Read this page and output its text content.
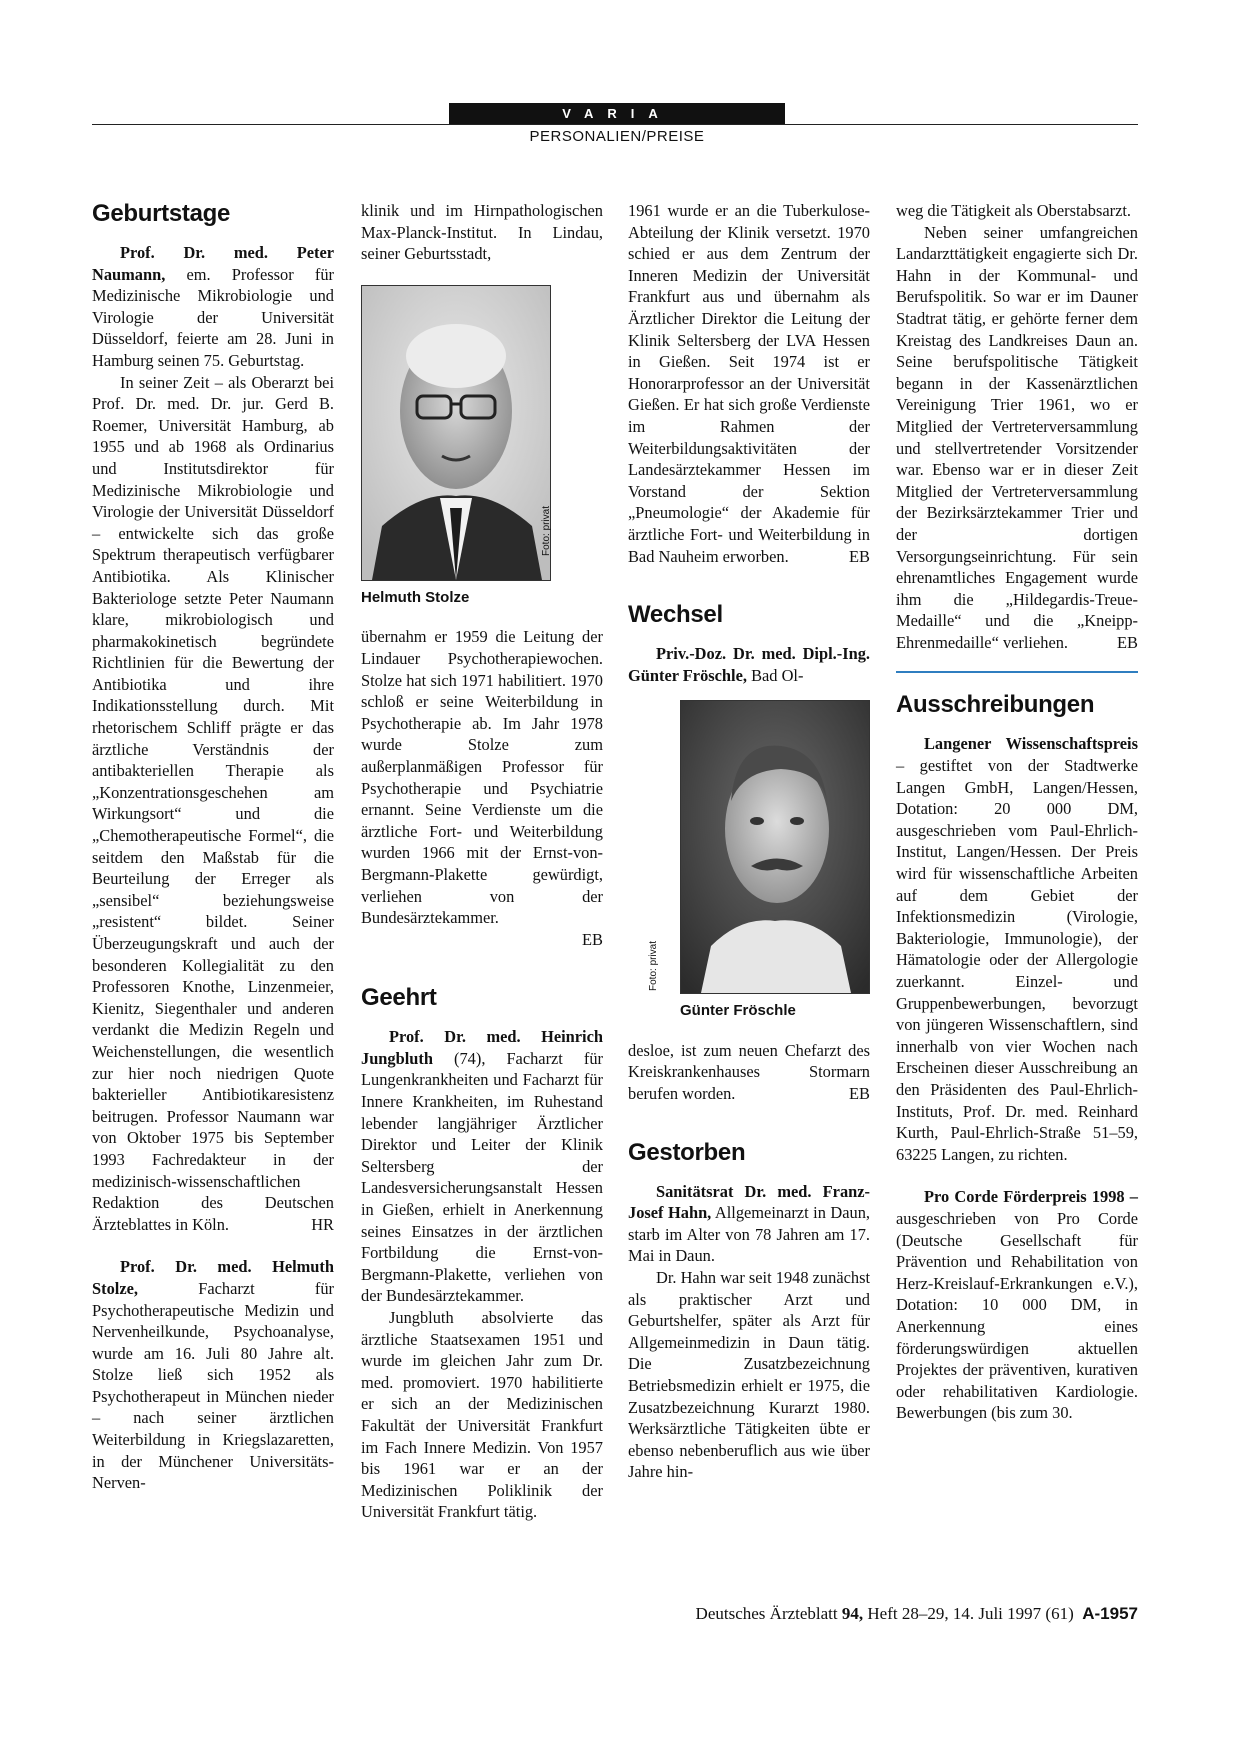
VARIA
PERSONALIEN/PREISE
Geburtstage

Prof. Dr. med. Peter Naumann, em. Professor für Medizinische Mikrobiologie und Virologie der Universität Düsseldorf, feierte am 28. Juni in Hamburg seinen 75. Geburtstag.

In seiner Zeit – als Oberarzt bei Prof. Dr. med. Dr. jur. Gerd B. Roemer, Universität Hamburg, ab 1955 und ab 1968 als Ordinarius und Institutsdirektor für Medizinische Mikrobiologie und Virologie der Universität Düsseldorf – entwickelte sich das große Spektrum therapeutisch verfügbarer Antibiotika. Als Klinischer Bakteriologe setzte Peter Naumann klare, mikrobiologisch und pharmakokinetisch begründete Richtlinien für die Bewertung der Antibiotika und ihre Indikationsstellung durch. Mit rhetorischem Schliff prägte er das ärztliche Verständnis der antibakteriellen Therapie als „Konzentrationsgeschehen am Wirkungsort“ und die „Chemotherapeutische Formel“, die seitdem den Maßstab für die Beurteilung der Erreger als „sensibel“ beziehungsweise „resistent“ bildet. Seiner Überzeugungskraft und auch der besonderen Kollegialität zu den Professoren Knothe, Linzenmeier, Kienitz, Siegenthaler und anderen verdankt die Medizin Regeln und Weichenstellungen, die wesentlich zur hier noch niedrigen Quote bakterieller Antibiotikaresistenz beitrugen. Professor Naumann war von Oktober 1975 bis September 1993 Fachredakteur in der medizinisch-wissenschaftlichen Redaktion des Deutschen Ärzteblattes in Köln.	HR

Prof. Dr. med. Helmuth Stolze, Facharzt für Psychotherapeutische Medizin und Nervenheilkunde, Psychoanalyse, wurde am 16. Juli 80 Jahre alt. Stolze ließ sich 1952 als Psychotherapeut in München nieder – nach seiner ärztlichen Weiterbildung in Kriegslazaretten, in der Münchener Universitäts-Nerven-

klinik und im Hirnpathologischen Max-Planck-Institut. In Lindau, seiner Geburtsstadt,

Foto: privat
Helmuth Stolze

übernahm er 1959 die Leitung der Lindauer Psychotherapiewochen. Stolze hat sich 1971 habilitiert. 1970 schloß er seine Weiterbildung in Psychotherapie ab. Im Jahr 1978 wurde Stolze zum außerplanmäßigen Professor für Psychotherapie und Psychiatrie ernannt. Seine Verdienste um die ärztliche Fort- und Weiterbildung wurden 1966 mit der Ernst-von-Bergmann-Plakette gewürdigt, verliehen von der Bundesärztekammer.

EB

Geehrt

Prof. Dr. med. Heinrich Jungbluth (74), Facharzt für Lungenkrankheiten und Facharzt für Innere Krankheiten, im Ruhestand lebender langjähriger Ärztlicher Direktor und Leiter der Klinik Seltersberg der Landesversicherungsanstalt Hessen in Gießen, erhielt in Anerkennung seines Einsatzes in der ärztlichen Fortbildung die Ernst-von-Bergmann-Plakette, verliehen von der Bundesärztekammer.

Jungbluth absolvierte das ärztliche Staatsexamen 1951 und wurde im gleichen Jahr zum Dr. med. promoviert. 1970 habilitierte er sich an der Medizinischen Fakultät der Universität Frankfurt im Fach Innere Medizin. Von 1957 bis 1961 war er an der Medizinischen Poliklinik der Universität Frankfurt tätig.

1961 wurde er an die Tuberkulose-Abteilung der Klinik versetzt. 1970 schied er aus dem Zentrum der Inneren Medizin der Universität Frankfurt aus und übernahm als Ärztlicher Direktor die Leitung der Klinik Seltersberg der LVA Hessen in Gießen. Seit 1974 ist er Honorarprofessor an der Universität Gießen. Er hat sich große Verdienste im Rahmen der Weiterbildungsaktivitäten der Landesärztekammer Hessen im Vorstand der Sektion „Pneumologie“ der Akademie für ärztliche Fort- und Weiterbildung in Bad Nauheim erworben.	EB

Wechsel

Priv.-Doz. Dr. med. Dipl.-Ing. Günter Fröschle, Bad Ol-

Foto: privat
Günter Fröschle

desloe, ist zum neuen Chefarzt des Kreiskrankenhauses Stormarn berufen worden.	EB

Gestorben

Sanitätsrat Dr. med. Franz-Josef Hahn, Allgemeinarzt in Daun, starb im Alter von 78 Jahren am 17. Mai in Daun.

Dr. Hahn war seit 1948 zunächst als praktischer Arzt und Geburtshelfer, später als Arzt für Allgemeinmedizin in Daun tätig. Die Zusatzbezeichnung Betriebsmedizin erhielt er 1975, die Zusatzbezeichnung Kurarzt 1980. Werksärztliche Tätigkeiten übte er ebenso nebenberuflich aus wie über Jahre hin-

weg die Tätigkeit als Oberstabsarzt.

Neben seiner umfangreichen Landarzttätigkeit engagierte sich Dr. Hahn in der Kommunal- und Berufspolitik. So war er im Dauner Stadtrat tätig, er gehörte ferner dem Kreistag des Landkreises Daun an. Seine berufspolitische Tätigkeit begann in der Kassenärztlichen Vereinigung Trier 1961, wo er Mitglied der Vertreterversammlung und stellvertretender Vorsitzender war. Ebenso war er in dieser Zeit Mitglied der Vertreterversammlung der Bezirksärztekammer Trier und der dortigen Versorgungseinrichtung. Für sein ehrenamtliches Engagement wurde ihm die „Hildegardis-Treue-Medaille“ und die „Kneipp-Ehrenmedaille“ verliehen.	EB

Ausschreibungen

Langener Wissenschaftspreis – gestiftet von der Stadtwerke Langen GmbH, Langen/Hessen, Dotation: 20 000 DM, ausgeschrieben vom Paul-Ehrlich-Institut, Langen/Hessen. Der Preis wird für wissenschaftliche Arbeiten auf dem Gebiet der Infektionsmedizin (Virologie, Bakteriologie, Immunologie), der Hämatologie oder der Allergologie zuerkannt. Einzel- und Gruppenbewerbungen, bevorzugt von jüngeren Wissenschaftlern, sind innerhalb von vier Wochen nach Erscheinen dieser Ausschreibung an den Präsidenten des Paul-Ehrlich-Instituts, Prof. Dr. med. Reinhard Kurth, Paul-Ehrlich-Straße 51–59, 63225 Langen, zu richten.

Pro Corde Förderpreis 1998 – ausgeschrieben von Pro Corde (Deutsche Gesellschaft für Prävention und Rehabilitation von Herz-Kreislauf-Erkrankungen e.V.), Dotation: 10 000 DM, in Anerkennung eines förderungswürdigen aktuellen Projektes der präventiven, kurativen oder rehabilitativen Kardiologie. Bewerbungen (bis zum 30.

Deutsches Ärzteblatt 94, Heft 28–29, 14. Juli 1997 (61)  A-1957
